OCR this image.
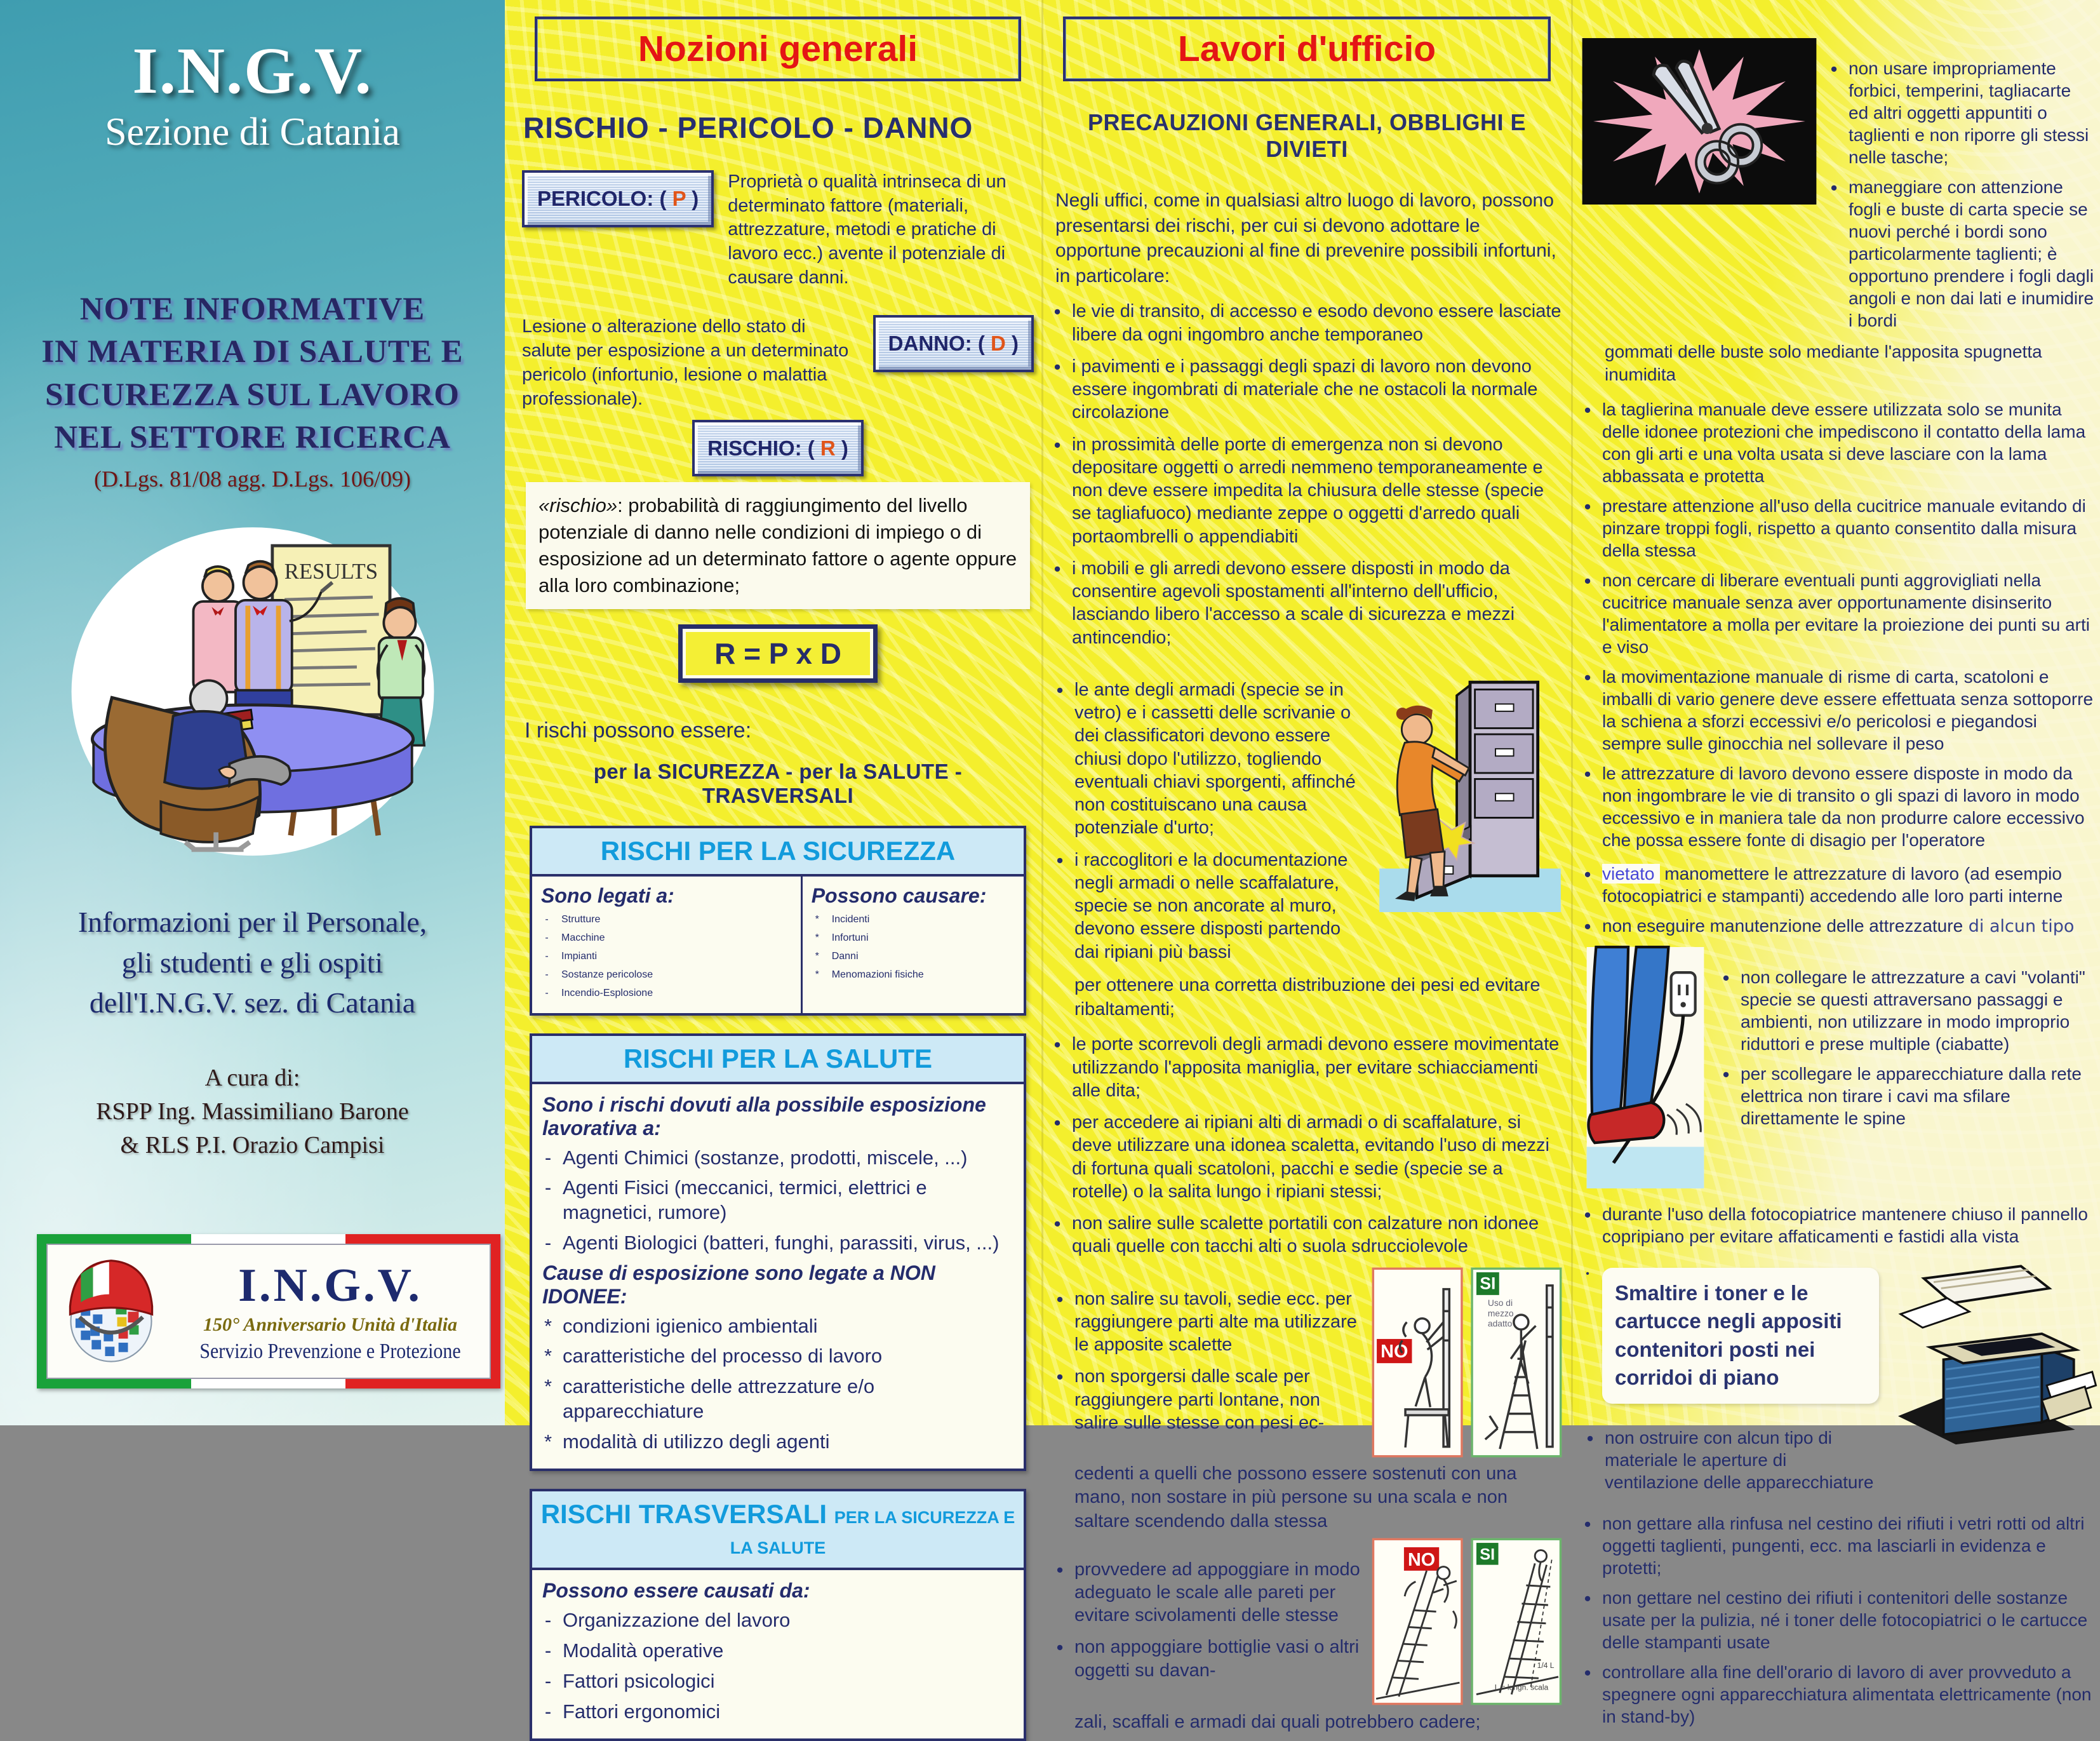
I.N.G.V.
Sezione di Catania
NOTE INFORMATIVE
IN MATERIA DI SALUTE E
SICUREZZA SUL LAVORO
NEL SETTORE RICERCA
(D.Lgs. 81/08 agg. D.Lgs. 106/09)
RESULTS
Informazioni per il Personale,
gli studenti e gli ospiti
dell'I.N.G.V. sez. di Catania
A cura di:
RSPP Ing. Massimiliano Barone
& RLS P.I. Orazio Campisi
I.N.G.V.
150° Anniversario Unità d'Italia
Servizio Prevenzione e Protezione
Nozioni generali
RISCHIO - PERICOLO - DANNO
PERICOLO: ( P )
Proprietà o qualità intrinseca di un determinato fattore (materiali, attrezzature, metodi e pratiche di lavoro ecc.) avente il potenziale di causare danni.
Lesione o alterazione dello stato di salute per esposizione a un determinato pericolo (infortunio, lesione o malattia professionale).
DANNO: ( D )
RISCHIO: ( R )
«rischio»: probabilità di raggiungimento del livello potenziale di danno nelle condizioni di impiego o di esposizione ad un determinato fattore o agente oppure alla loro combinazione;
R = P x D
I rischi possono essere:
per la SICUREZZA - per la SALUTE - TRASVERSALI
RISCHI PER LA SICUREZZA
Sono legati a:
-	Strutture
-	Macchine
-	Impianti
-	Sostanze pericolose
-	Incendio-Esplosione
Possono causare:
*	Incidenti
*	Infortuni
*	Danni
*	Menomazioni fisiche
RISCHI PER LA SALUTE
Sono i rischi dovuti alla possibile esposizione lavorativa a:
- Agenti Chimici (sostanze, prodotti, miscele, ...)
- Agenti Fisici (meccanici, termici, elettrici e magnetici, rumore)
- Agenti Biologici (batteri, funghi, parassiti, virus, ...)
Cause di esposizione sono legate a NON IDONEE:
* condizioni igienico ambientali
* caratteristiche del processo di lavoro
* caratteristiche delle attrezzature e/o apparecchiature
* modalità di utilizzo degli agenti
RISCHI TRASVERSALI PER LA SICUREZZA E LA SALUTE
Possono essere causati da:
- Organizzazione del lavoro
- Modalità operative
- Fattori psicologici
- Fattori ergonomici
Lavori d'ufficio
PRECAUZIONI GENERALI, OBBLIGHI E DIVIETI
Negli uffici, come in qualsiasi altro luogo di lavoro, possono presentarsi dei rischi, per cui si devono adottare le opportune precauzioni al fine di prevenire possibili infortuni, in particolare:
• le vie di transito, di accesso e esodo devono essere lasciate libere da ogni ingombro anche temporaneo
• i pavimenti e i passaggi degli spazi di lavoro non devono essere ingombrati di materiale che ne ostacoli la normale circolazione
• in prossimità delle porte di emergenza non si devono depositare oggetti o arredi nemmeno temporaneamente e non deve essere impedita la chiusura delle stesse (specie se tagliafuoco) mediante zeppe o oggetti d'arredo quali portaombrelli o appendiabiti
• i mobili e gli arredi devono essere disposti in modo da consentire agevoli spostamenti all'interno dell'ufficio, lasciando libero l'accesso a scale di sicurezza e mezzi antincendio;
• le ante degli armadi (specie se in vetro) e i cassetti delle scrivanie o dei classificatori devono essere chiusi dopo l'utilizzo, togliendo eventuali chiavi sporgenti, affinché non costituiscano una causa potenziale d'urto;
• i raccoglitori e la documentazione negli armadi o nelle scaffalature, specie se non ancorate al muro, devono essere disposti partendo dai ripiani più bassi
per ottenere una corretta distribuzione dei pesi ed evitare ribaltamenti;
• le porte scorrevoli degli armadi devono essere movimentate utilizzando l'apposita maniglia, per evitare schiacciamenti alle dita;
• per accedere ai ripiani alti di armadi o di scaffalature, si deve utilizzare una idonea scaletta, evitando l'uso di mezzi di fortuna quali scatoloni, pacchi e sedie (specie se a rotelle) o la salita lungo i ripiani stessi;
• non salire sulle scalette portatili con calzature non idonee quali quelle con tacchi alti o suola sdrucciolevole
• non salire su tavoli, sedie ecc. per raggiungere parti alte ma utilizzare le apposite scalette
• non sporgersi dalle scale per raggiungere parti lontane, non salire sulle stesse con pesi ec-
NO
SI
Uso di
mezzo
adatto
cedenti a quelli che possono essere sostenuti con una mano, non sostare in più persone su una scala e non saltare scendendo dalla stessa
• provvedere ad appoggiare in modo adeguato le scale alle pareti per evitare scivolamenti delle stesse
• non appoggiare bottiglie vasi o altri oggetti su davan-
NO SI
L = lungh. scala
1/4 L
zali, scaffali e armadi dai quali potrebbero cadere;
• non usare impropriamente forbici, temperini, tagliacarte ed altri oggetti appuntiti o taglienti e non riporre gli stessi nelle tasche;
• maneggiare con attenzione fogli e buste di carta specie se nuovi perché i bordi sono particolarmente taglienti; è opportuno prendere i fogli dagli angoli e non dai lati e inumidire i bordi
gommati delle buste solo mediante l'apposita spugnetta inumidita
• la taglierina manuale deve essere utilizzata solo se munita delle idonee protezioni che impediscono il contatto della lama con gli arti e una volta usata si deve lasciare con la lama abbassata e protetta
• prestare attenzione all'uso della cucitrice manuale evitando di pinzare troppi fogli, rispetto a quanto consentito dalla misura della stessa
• non cercare di liberare eventuali punti aggrovigliati nella cucitrice manuale senza aver opportunamente disinserito l'alimentatore a molla per evitare la proiezione dei punti su arti e viso
• la movimentazione manuale di risme di carta, scatoloni e imballi di vario genere deve essere effettuata senza sottoporre la schiena a sforzi eccessivi e/o pericolosi e piegandosi sempre sulle ginocchia nel sollevare il peso
• le attrezzature di lavoro devono essere disposte in modo da non ingombrare le vie di transito o gli spazi di lavoro in modo eccessivo e in maniera tale da non produrre calore eccessivo che possa essere fonte di disagio per l'operatore
• vietato manomettere le attrezzature di lavoro (ad esempio fotocopiatrici e stampanti) accedendo alle loro parti interne
• non eseguire manutenzione delle attrezzature di alcun tipo
• non collegare le attrezzature a cavi "volanti" specie se questi attraversano passaggi e ambienti, non utilizzare in modo improprio riduttori e prese multiple (ciabatte)
• per scollegare le apparecchiature dalla rete elettrica non tirare i cavi ma sfilare direttamente le spine
• durante l'uso della fotocopiatrice mantenere chiuso il pannello copripiano per evitare affaticamenti e fastidi alla vista
•
Smaltire i toner e le cartucce negli appositi contenitori posti nei corridoi di piano
• non ostruire con alcun tipo di materiale le aperture di ventilazione delle apparecchiature
• non gettare alla rinfusa nel cestino dei rifiuti i vetri rotti od altri oggetti taglienti, pungenti, ecc. ma lasciarli in evidenza e protetti;
• non gettare nel cestino dei rifiuti i contenitori delle sostanze usate per la pulizia, né i toner delle fotocopiatrici o le cartucce delle stampanti usate
• controllare alla fine dell'orario di lavoro di aver provveduto a spegnere ogni apparecchiatura alimentata elettricamente (non in stand-by)
